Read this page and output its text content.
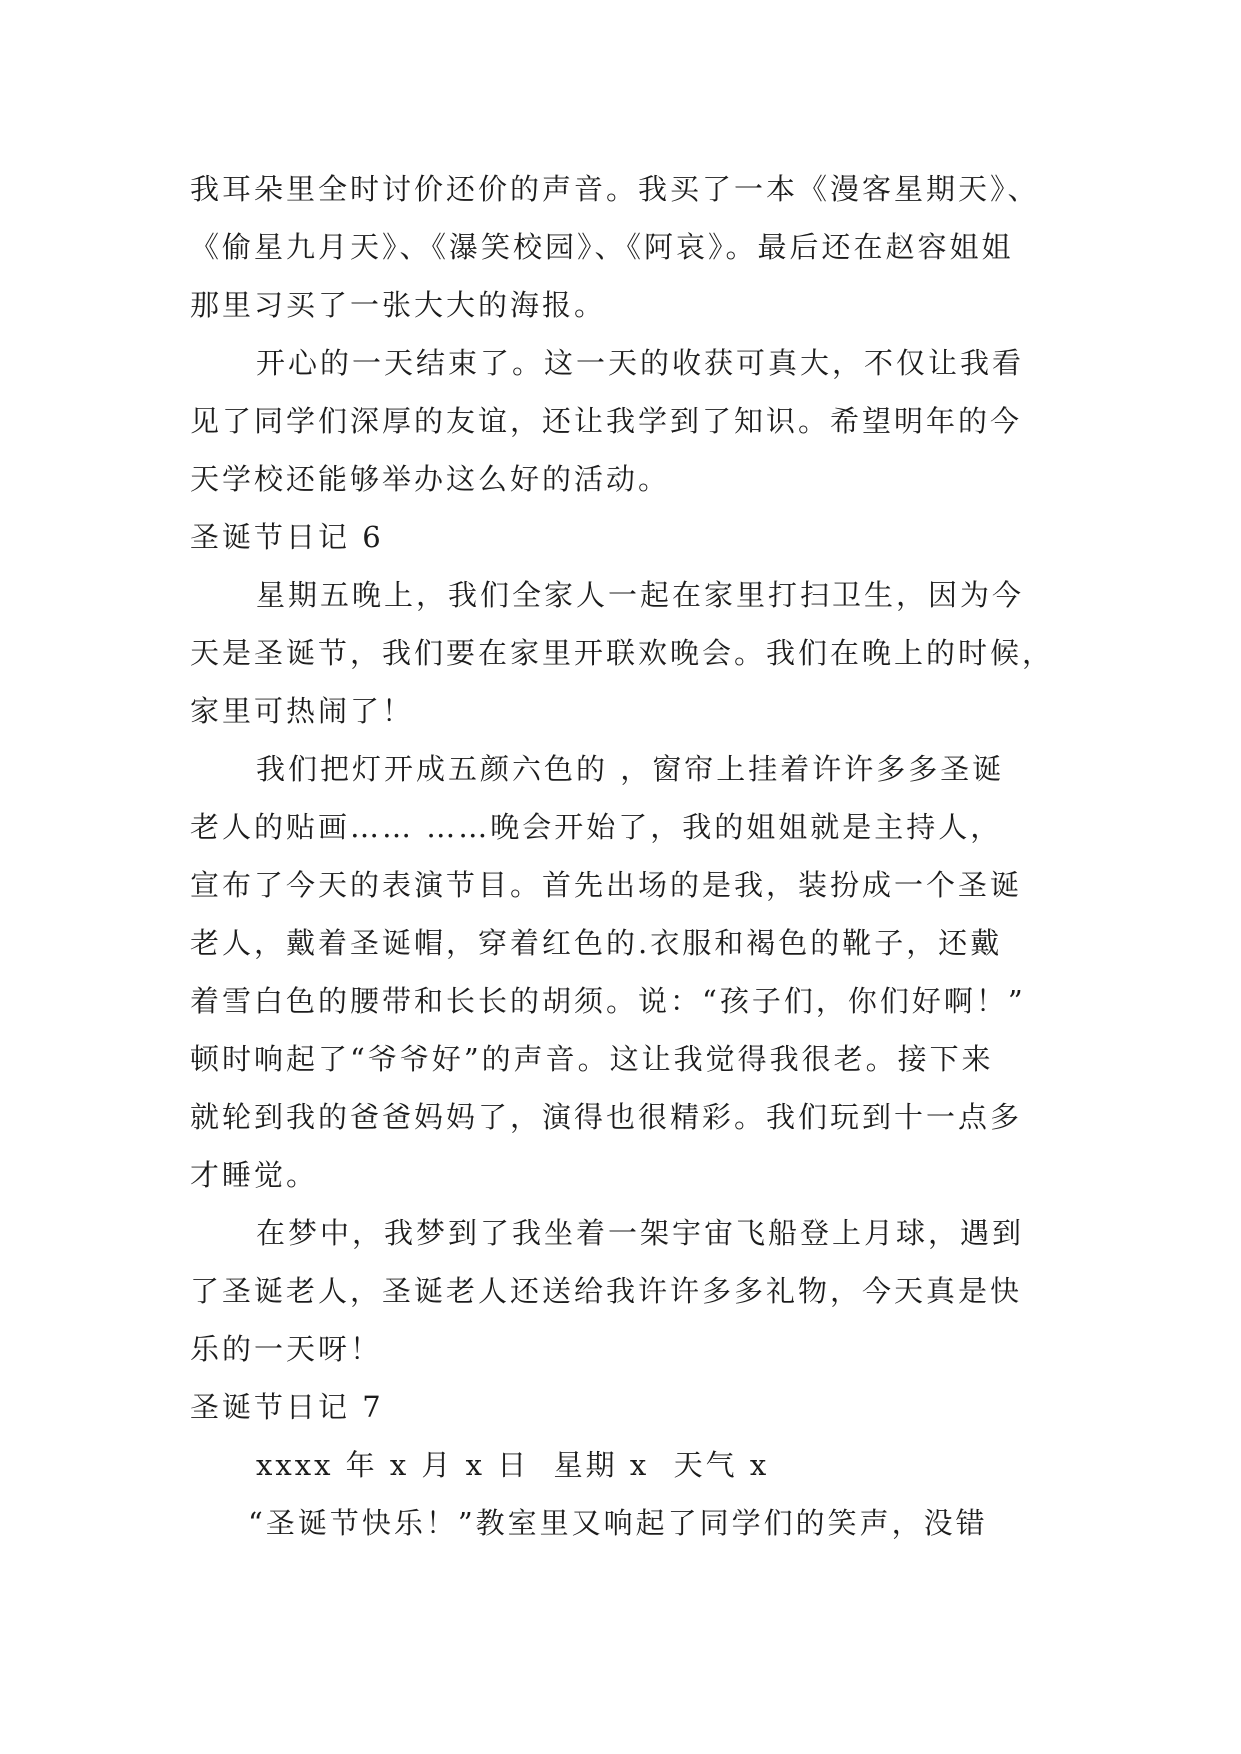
我耳朵里全时讨价还价的声音。我买了一本《漫客星期天》、
《偷星九月天》、《瀑笑校园》、《阿哀》。最后还在赵容姐姐
那里习买了一张大大的海报。
开心的一天结束了。这一天的收获可真大，不仅让我看
见了同学们深厚的友谊，还让我学到了知识。希望明年的今
天学校还能够举办这么好的活动。
圣诞节日记 6
星期五晚上，我们全家人一起在家里打扫卫生，因为今
天是圣诞节，我们要在家里开联欢晚会。我们在晚上的时候，
家里可热闹了！
我们把灯开成五颜六色的 ，窗帘上挂着许许多多圣诞
老人的贴画…… ……晚会开始了，我的姐姐就是主持人，
宣布了今天的表演节目。首先出场的是我，装扮成一个圣诞
老人，戴着圣诞帽，穿着红色的.衣服和褐色的靴子，还戴
着雪白色的腰带和长长的胡须。说：“孩子们，你们好啊！”
顿时响起了“爷爷好”的声音。这让我觉得我很老。接下来
就轮到我的爸爸妈妈了，演得也很精彩。我们玩到十一点多
才睡觉。
在梦中，我梦到了我坐着一架宇宙飞船登上月球，遇到
了圣诞老人，圣诞老人还送给我许许多多礼物，今天真是快
乐的一天呀！
圣诞节日记 7
xxxx 年 x 月 x 日  星期 x  天气 x
“圣诞节快乐！”教室里又响起了同学们的笑声，没错
